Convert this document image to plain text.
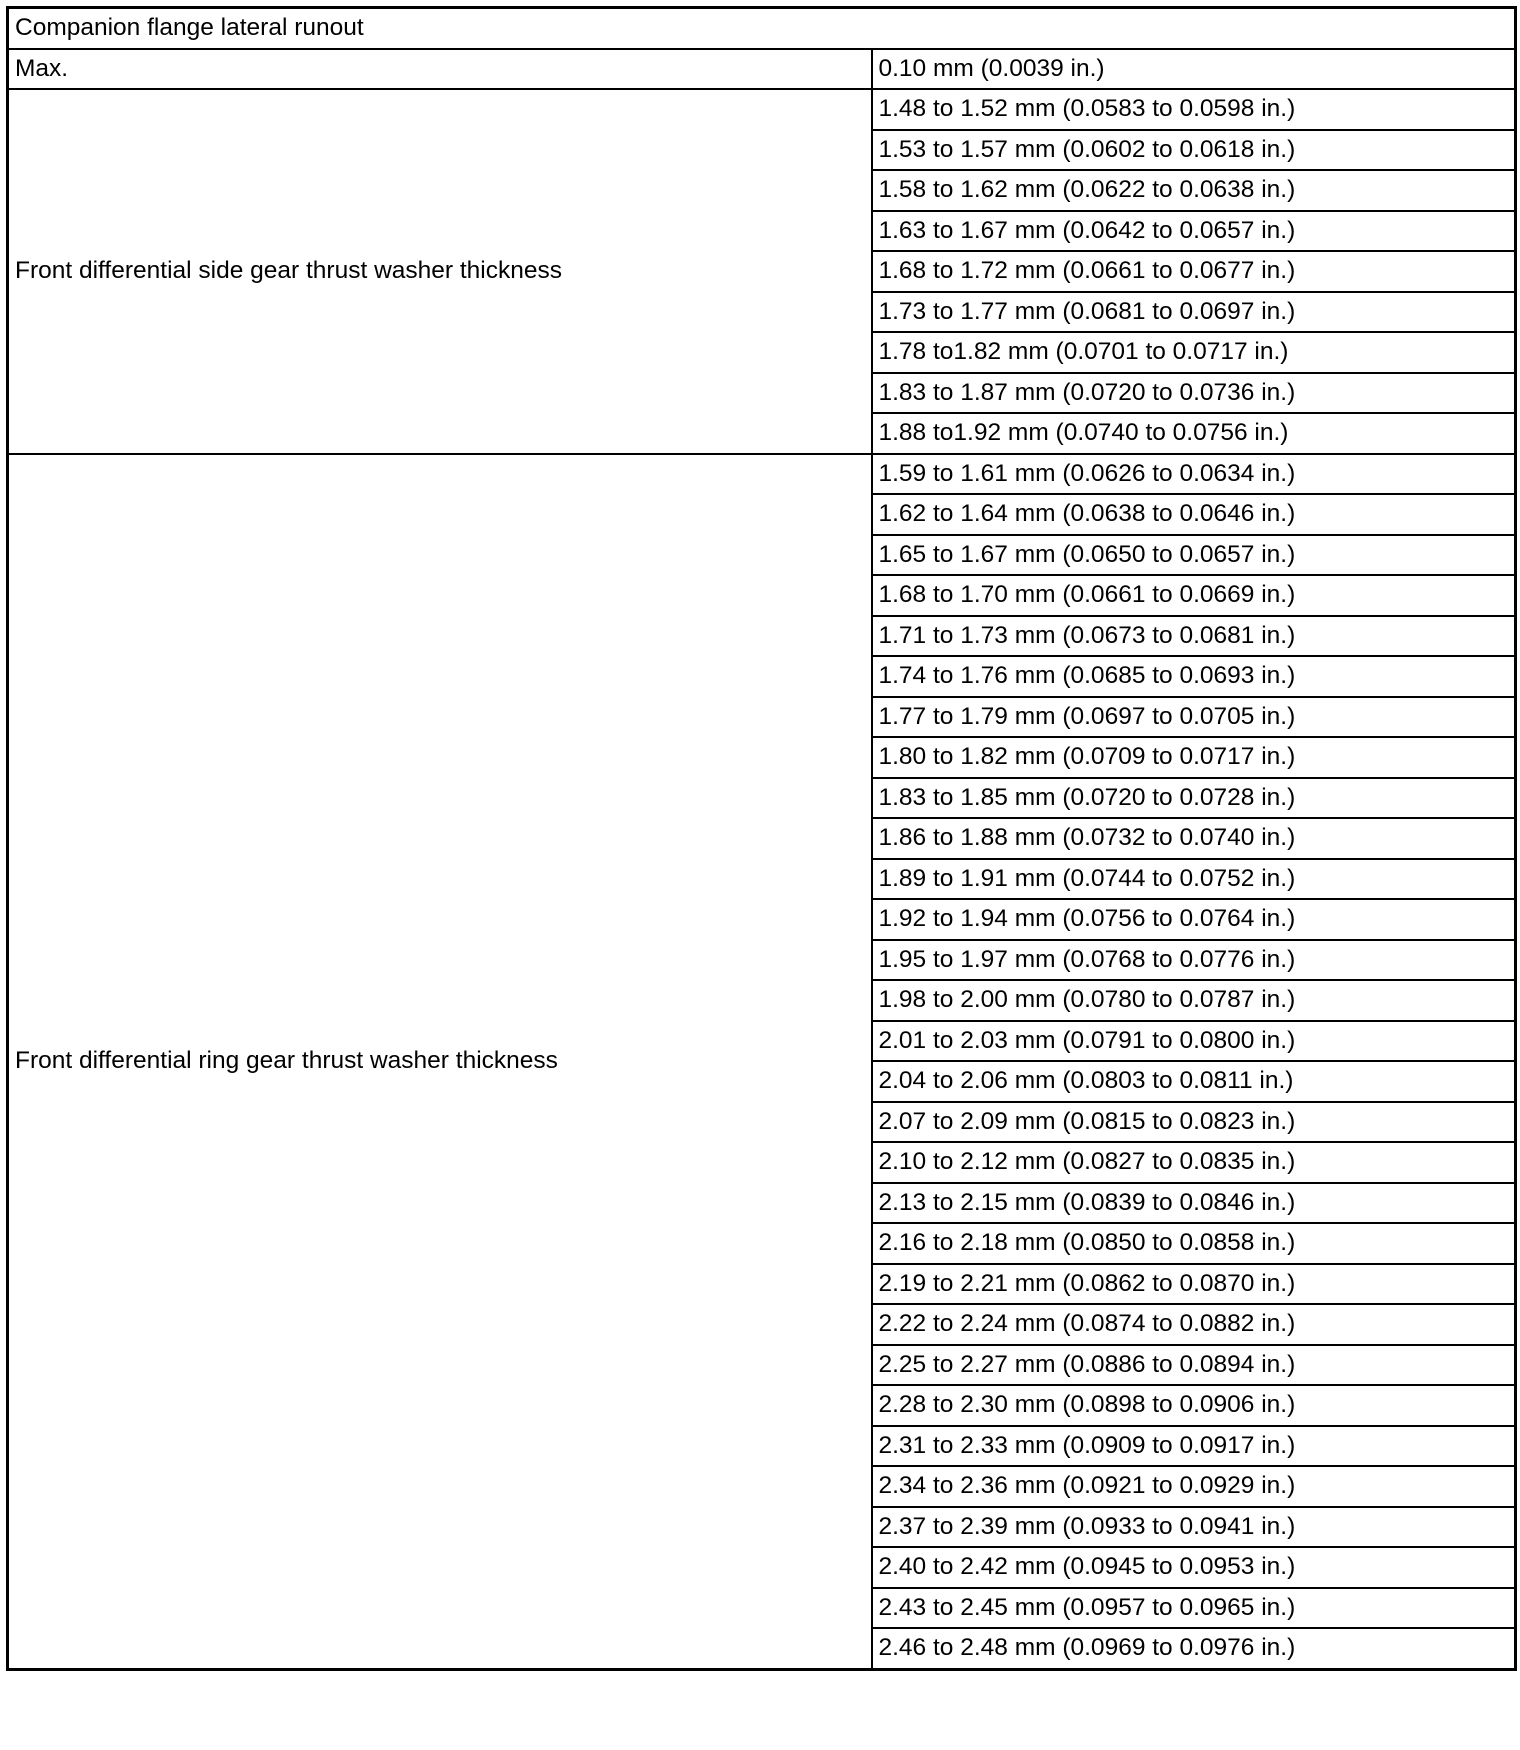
Companion flange lateral runout	
Max.	0.10 mm (0.0039 in.)
Front differential side gear thrust washer thickness	1.48 to 1.52 mm (0.0583 to 0.0598 in.)
	1.53 to 1.57 mm (0.0602 to 0.0618 in.)
	1.58 to 1.62 mm (0.0622 to 0.0638 in.)
	1.63 to 1.67 mm (0.0642 to 0.0657 in.)
	1.68 to 1.72 mm (0.0661 to 0.0677 in.)
	1.73 to 1.77 mm (0.0681 to 0.0697 in.)
	1.78 to1.82 mm (0.0701 to 0.0717 in.)
	1.83 to 1.87 mm (0.0720 to 0.0736 in.)
	1.88 to1.92 mm (0.0740 to 0.0756 in.)
Front differential ring gear thrust washer thickness	1.59 to 1.61 mm (0.0626 to 0.0634 in.)
	1.62 to 1.64 mm (0.0638 to 0.0646 in.)
	1.65 to 1.67 mm (0.0650 to 0.0657 in.)
	1.68 to 1.70 mm (0.0661 to 0.0669 in.)
	1.71 to 1.73 mm (0.0673 to 0.0681 in.)
	1.74 to 1.76 mm (0.0685 to 0.0693 in.)
	1.77 to 1.79 mm (0.0697 to 0.0705 in.)
	1.80 to 1.82 mm (0.0709 to 0.0717 in.)
	1.83 to 1.85 mm (0.0720 to 0.0728 in.)
	1.86 to 1.88 mm (0.0732 to 0.0740 in.)
	1.89 to 1.91 mm (0.0744 to 0.0752 in.)
	1.92 to 1.94 mm (0.0756 to 0.0764 in.)
	1.95 to 1.97 mm (0.0768 to 0.0776 in.)
	1.98 to 2.00 mm (0.0780 to 0.0787 in.)
	2.01 to 2.03 mm (0.0791 to 0.0800 in.)
	2.04 to 2.06 mm (0.0803 to 0.0811 in.)
	2.07 to 2.09 mm (0.0815 to 0.0823 in.)
	2.10 to 2.12 mm (0.0827 to 0.0835 in.)
	2.13 to 2.15 mm (0.0839 to 0.0846 in.)
	2.16 to 2.18 mm (0.0850 to 0.0858 in.)
	2.19 to 2.21 mm (0.0862 to 0.0870 in.)
	2.22 to 2.24 mm (0.0874 to 0.0882 in.)
	2.25 to 2.27 mm (0.0886 to 0.0894 in.)
	2.28 to 2.30 mm (0.0898 to 0.0906 in.)
	2.31 to 2.33 mm (0.0909 to 0.0917 in.)
	2.34 to 2.36 mm (0.0921 to 0.0929 in.)
	2.37 to 2.39 mm (0.0933 to 0.0941 in.)
	2.40 to 2.42 mm (0.0945 to 0.0953 in.)
	2.43 to 2.45 mm (0.0957 to 0.0965 in.)
	2.46 to 2.48 mm (0.0969 to 0.0976 in.)
